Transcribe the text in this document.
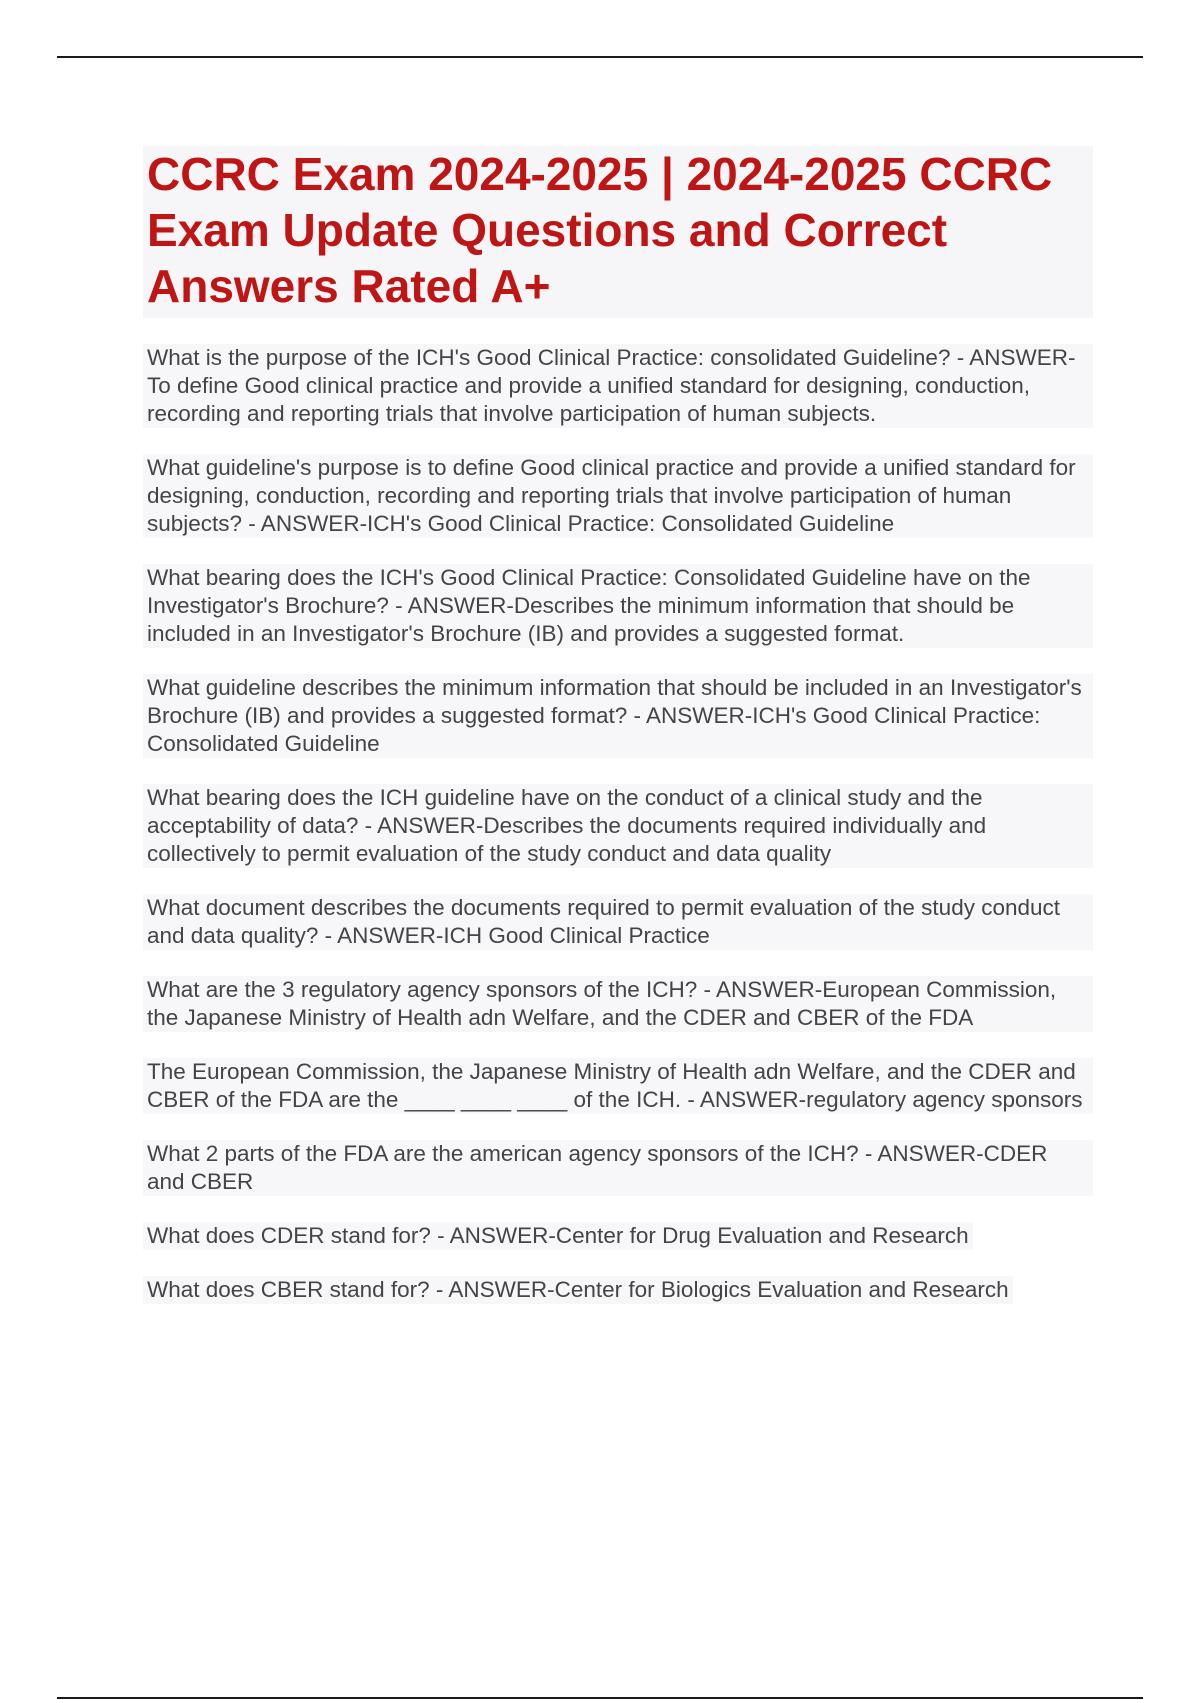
CCRC Exam 2024-2025 | 2024-2025 CCRC Exam Update Questions and Correct Answers Rated A+

What is the purpose of the ICH's Good Clinical Practice: consolidated Guideline? - ANSWER-To define Good clinical practice and provide a unified standard for designing, conduction, recording and reporting trials that involve participation of human subjects.

What guideline's purpose is to define Good clinical practice and provide a unified standard for designing, conduction, recording and reporting trials that involve participation of human subjects? - ANSWER-ICH's Good Clinical Practice: Consolidated Guideline

What bearing does the ICH's Good Clinical Practice: Consolidated Guideline have on the Investigator's Brochure? - ANSWER-Describes the minimum information that should be included in an Investigator's Brochure (IB) and provides a suggested format.

What guideline describes the minimum information that should be included in an Investigator's Brochure (IB) and provides a suggested format? - ANSWER-ICH's Good Clinical Practice: Consolidated Guideline

What bearing does the ICH guideline have on the conduct of a clinical study and the acceptability of data? - ANSWER-Describes the documents required individually and collectively to permit evaluation of the study conduct and data quality

What document describes the documents required to permit evaluation of the study conduct and data quality? - ANSWER-ICH Good Clinical Practice

What are the 3 regulatory agency sponsors of the ICH? - ANSWER-European Commission, the Japanese Ministry of Health adn Welfare, and the CDER and CBER of the FDA

The European Commission, the Japanese Ministry of Health adn Welfare, and the CDER and CBER of the FDA are the ____ ____ ____ of the ICH. - ANSWER-regulatory agency sponsors

What 2 parts of the FDA are the american agency sponsors of the ICH? - ANSWER-CDER and CBER

What does CDER stand for? - ANSWER-Center for Drug Evaluation and Research

What does CBER stand for? - ANSWER-Center for Biologics Evaluation and Research
